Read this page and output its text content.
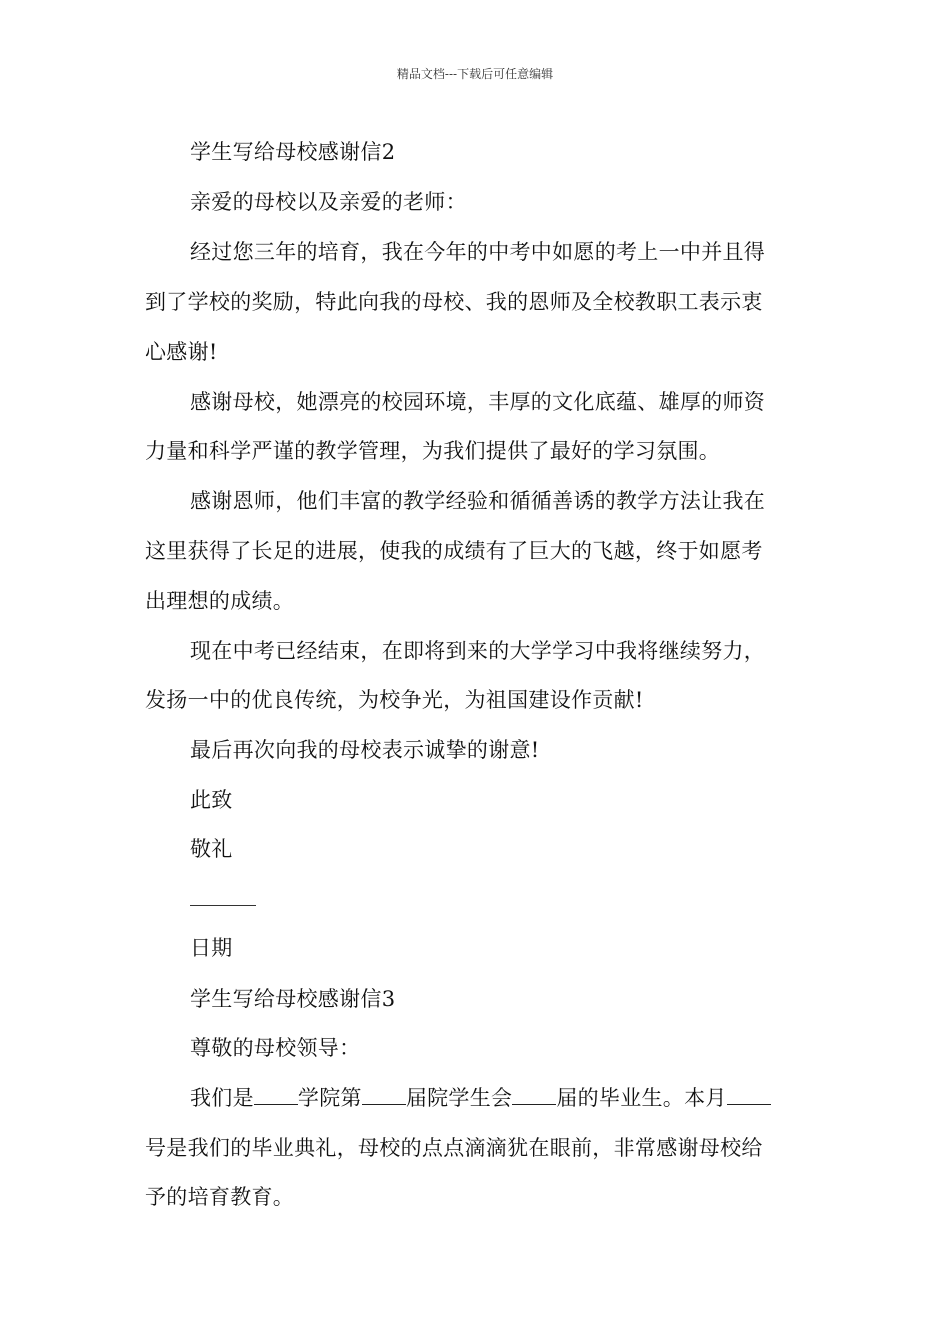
精品文档---下载后可任意编辑
学生写给母校感谢信2
亲爱的母校以及亲爱的老师：
经过您三年的培育，我在今年的中考中如愿的考上一中并且得
到了学校的奖励，特此向我的母校、我的恩师及全校教职工表示衷
心感谢!
感谢母校，她漂亮的校园环境，丰厚的文化底蕴、雄厚的师资
力量和科学严谨的教学管理，为我们提供了最好的学习氛围。
感谢恩师，他们丰富的教学经验和循循善诱的教学方法让我在
这里获得了长足的进展，使我的成绩有了巨大的飞越，终于如愿考
出理想的成绩。
现在中考已经结束，在即将到来的大学学习中我将继续努力，
发扬一中的优良传统，为校争光，为祖国建设作贡献!
最后再次向我的母校表示诚挚的谢意!
此致
敬礼
日期
学生写给母校感谢信3
尊敬的母校领导：
我们是 学院第 届院学生会 届的毕业生。本月
号是我们的毕业典礼，母校的点点滴滴犹在眼前，非常感谢母校给
予的培育教育。
